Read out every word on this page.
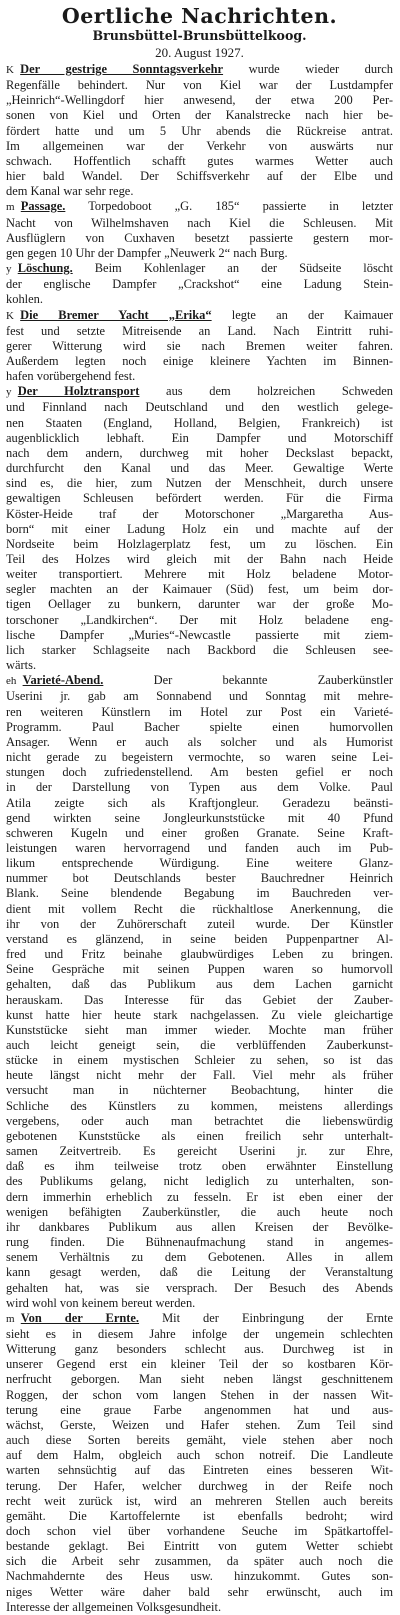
Oertliche Nachrichten.
Brunsbüttel-Brunsbüttelkoog.
20. August 1927.

K  Der gestrige Sonntagsverkehr wurde wieder durch
Regenfälle behindert. Nur von Kiel war der Lustdampfer
„Heinrich“-Wellingdorf hier anwesend, der etwa 200 Per-
sonen von Kiel und Orten der Kanalstrecke nach hier be-
fördert hatte und um 5 Uhr abends die Rückreise antrat.
Im allgemeinen war der Verkehr von auswärts nur
schwach. Hoffentlich schafft gutes warmes Wetter auch
hier bald Wandel. Der Schiffsverkehr auf der Elbe und
dem Kanal war sehr rege.

m  Passage. Torpedoboot „G. 185“ passierte in letzter
Nacht von Wilhelmshaven nach Kiel die Schleusen. Mit
Ausflüglern von Cuxhaven besetzt passierte gestern mor-
gen gegen 10 Uhr der Dampfer „Neuwerk 2“ nach Burg.

y  Löschung. Beim Kohlenlager an der Südseite löscht
der englische Dampfer „Crackshot“ eine Ladung Stein-
kohlen.

K  Die Bremer Yacht „Erika“ legte an der Kaimauer
fest und setzte Mitreisende an Land. Nach Eintritt ruhi-
gerer Witterung wird sie nach Bremen weiter fahren.
Außerdem legten noch einige kleinere Yachten im Binnen-
hafen vorübergehend fest.

y  Der Holztransport aus dem holzreichen Schweden
und Finnland nach Deutschland und den westlich gelege-
nen Staaten (England, Holland, Belgien, Frankreich) ist
augenblicklich lebhaft. Ein Dampfer und Motorschiff
nach dem andern, durchweg mit hoher Deckslast bepackt,
durchfurcht den Kanal und das Meer. Gewaltige Werte
sind es, die hier, zum Nutzen der Menschheit, durch unsere
gewaltigen Schleusen befördert werden. Für die Firma
Köster-Heide traf der Motorschoner „Margaretha Aus-
born“ mit einer Ladung Holz ein und machte auf der
Nordseite beim Holzlagerplatz fest, um zu löschen. Ein
Teil des Holzes wird gleich mit der Bahn nach Heide
weiter transportiert. Mehrere mit Holz beladene Motor-
segler machten an der Kaimauer (Süd) fest, um beim dor-
tigen Oellager zu bunkern, darunter war der große Mo-
torschoner „Landkirchen“. Der mit Holz beladene eng-
lische Dampfer „Muries“-Newcastle passierte mit ziem-
lich starker Schlagseite nach Backbord die Schleusen see-
wärts.

eh  Varieté-Abend. Der bekannte Zauberkünstler
Userini jr. gab am Sonnabend und Sonntag mit mehre-
ren weiteren Künstlern im Hotel zur Post ein Varieté-
Programm. Paul Bacher spielte einen humorvollen
Ansager. Wenn er auch als solcher und als Humorist
nicht gerade zu begeistern vermochte, so waren seine Lei-
stungen doch zufriedenstellend. Am besten gefiel er noch
in der Darstellung von Typen aus dem Volke. Paul
Atila zeigte sich als Kraftjongleur. Geradezu beänsti-
gend wirkten seine Jongleurkunststücke mit 40 Pfund
schweren Kugeln und einer großen Granate. Seine Kraft-
leistungen waren hervorragend und fanden auch im Pub-
likum entsprechende Würdigung. Eine weitere Glanz-
nummer bot Deutschlands bester Bauchredner Heinrich
Blank. Seine blendende Begabung im Bauchreden ver-
dient mit vollem Recht die rückhaltlose Anerkennung, die
ihr von der Zuhörerschaft zuteil wurde. Der Künstler
verstand es glänzend, in seine beiden Puppenpartner Al-
fred und Fritz beinahe glaubwürdiges Leben zu bringen.
Seine Gespräche mit seinen Puppen waren so humorvoll
gehalten, daß das Publikum aus dem Lachen garnicht
herauskam. Das Interesse für das Gebiet der Zauber-
kunst hatte hier heute stark nachgelassen. Zu viele gleichartige
Kunststücke sieht man immer wieder. Mochte man früher
auch leicht geneigt sein, die verblüffenden Zauberkunst-
stücke in einem mystischen Schleier zu sehen, so ist das
heute längst nicht mehr der Fall. Viel mehr als früher
versucht man in nüchterner Beobachtung, hinter die
Schliche des Künstlers zu kommen, meistens allerdings
vergebens, oder auch man betrachtet die liebenswürdig
gebotenen Kunststücke als einen freilich sehr unterhalt-
samen Zeitvertreib. Es gereicht Userini jr. zur Ehre,
daß es ihm teilweise trotz oben erwähnter Einstellung
des Publikums gelang, nicht lediglich zu unterhalten, son-
dern immerhin erheblich zu fesseln. Er ist eben einer der
wenigen befähigten Zauberkünstler, die auch heute noch
ihr dankbares Publikum aus allen Kreisen der Bevölke-
rung finden. Die Bühnenaufmachung stand in angemes-
senem Verhältnis zu dem Gebotenen. Alles in allem
kann gesagt werden, daß die Leitung der Veranstaltung
gehalten hat, was sie versprach. Der Besuch des Abends
wird wohl von keinem bereut werden.

m  Von der Ernte. Mit der Einbringung der Ernte
sieht es in diesem Jahre infolge der ungemein schlechten
Witterung ganz besonders schlecht aus. Durchweg ist in
unserer Gegend erst ein kleiner Teil der so kostbaren Kör-
nerfrucht geborgen. Man sieht neben längst geschnittenem
Roggen, der schon vom langen Stehen in der nassen Wit-
terung eine graue Farbe angenommen hat und aus-
wächst, Gerste, Weizen und Hafer stehen. Zum Teil sind
auch diese Sorten bereits gemäht, viele stehen aber noch
auf dem Halm, obgleich auch schon notreif. Die Landleute
warten sehnsüchtig auf das Eintreten eines besseren Wit-
terung. Der Hafer, welcher durchweg in der Reife noch
recht weit zurück ist, wird an mehreren Stellen auch bereits
gemäht. Die Kartoffelernte ist ebenfalls bedroht; wird
doch schon viel über vorhandene Seuche im Spätkartoffel-
bestande geklagt. Bei Eintritt von gutem Wetter schiebt
sich die Arbeit sehr zusammen, da später auch noch die
Nachmahdernte des Heus usw. hinzukommt. Gutes son-
niges Wetter wäre daher bald sehr erwünscht, auch im
Interesse der allgemeinen Volksgesundheit.
